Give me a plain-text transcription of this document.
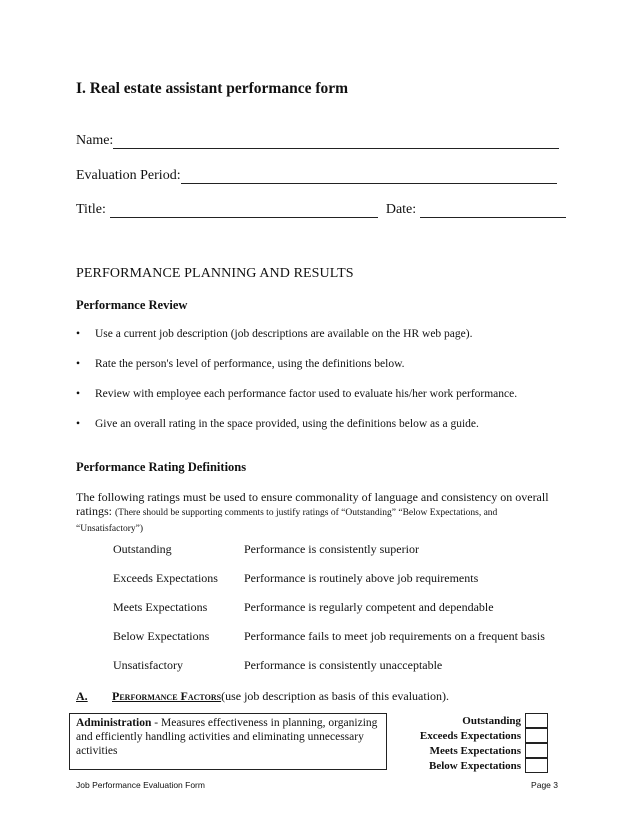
I. Real estate assistant performance form
Name:
Evaluation Period:
Title:	Date:
PERFORMANCE PLANNING AND RESULTS
Performance Review
•	Use a current job description (job descriptions are available on the HR web page).
•	Rate the person's level of performance, using the definitions below.
•	Review with employee each performance factor used to evaluate his/her work performance.
•	Give an overall rating in the space provided, using the definitions below as a guide.
Performance Rating Definitions
The following ratings must be used to ensure commonality of language and consistency on overall ratings: (There should be supporting comments to justify ratings of “Outstanding” “Below Expectations, and “Unsatisfactory”)
Outstanding	Performance is consistently superior
Exceeds Expectations	Performance is routinely above job requirements
Meets Expectations	Performance is regularly competent and dependable
Below Expectations	Performance fails to meet job requirements on a frequent basis
Unsatisfactory	Performance is consistently unacceptable
A.	Performance Factors (use job description as basis of this evaluation).
Administration - Measures effectiveness in planning, organizing and efficiently handling activities and eliminating unnecessary activities
Outstanding
Exceeds Expectations
Meets Expectations
Below Expectations
Job Performance Evaluation Form	Page 3
